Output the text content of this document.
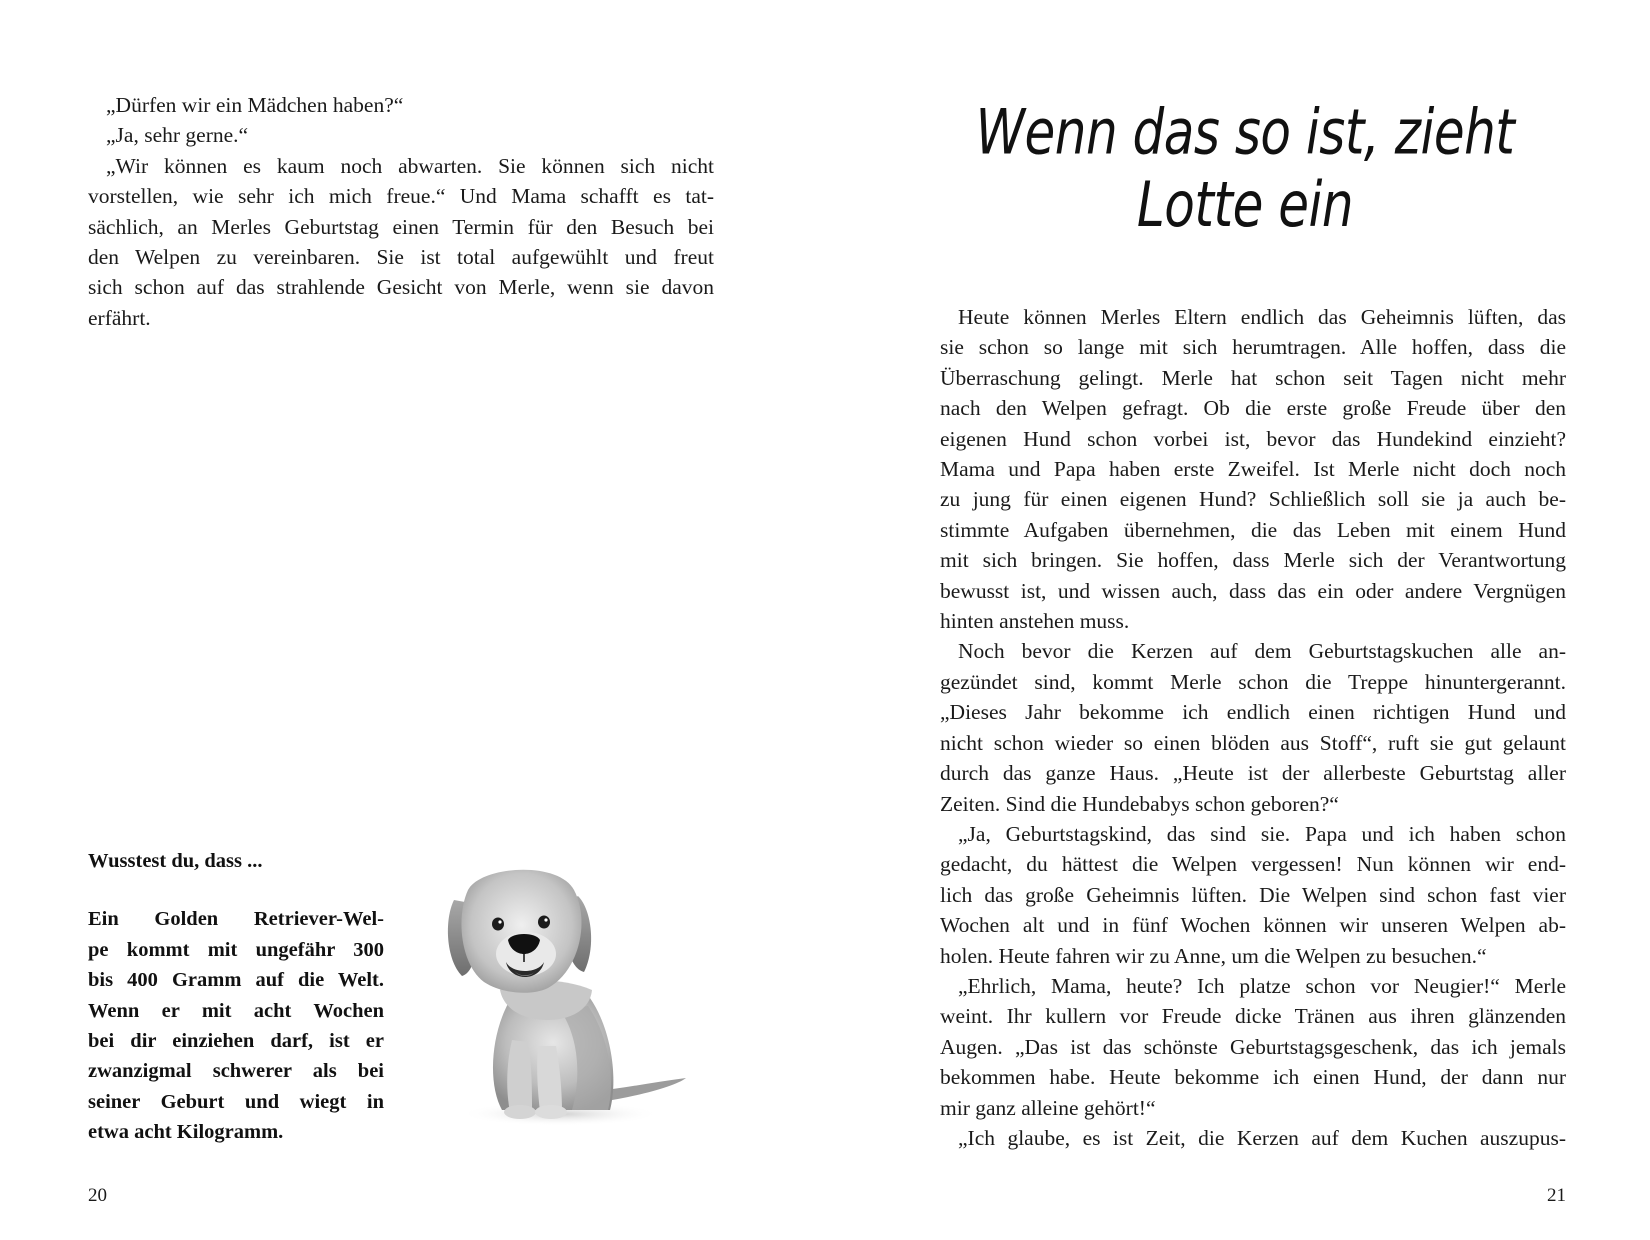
„Dürfen wir ein Mädchen haben?“

„Ja, sehr gerne.“

„Wir können es kaum noch abwarten. Sie können sich nicht
vorstellen, wie sehr ich mich freue.“ Und Mama schafft es tat-
sächlich, an Merles Geburtstag einen Termin für den Besuch bei
den Welpen zu vereinbaren. Sie ist total aufgewühlt und freut
sich schon auf das strahlende Gesicht von Merle, wenn sie davon
erfährt.

Wusstest du, dass ...

Ein Golden Retriever-Wel-
pe kommt mit ungefähr 300
bis 400 Gramm auf die Welt.
Wenn er mit acht Wochen
bei dir einziehen darf, ist er
zwanzigmal schwerer als bei
seiner Geburt und wiegt in
etwa acht Kilogramm.
20
Wenn das so ist, zieht Lotte ein

Heute können Merles Eltern endlich das Geheimnis lüften, das
sie schon so lange mit sich herumtragen. Alle hoffen, dass die
Überraschung gelingt. Merle hat schon seit Tagen nicht mehr
nach den Welpen gefragt. Ob die erste große Freude über den
eigenen Hund schon vorbei ist, bevor das Hundekind einzieht?
Mama und Papa haben erste Zweifel. Ist Merle nicht doch noch
zu jung für einen eigenen Hund? Schließlich soll sie ja auch be-
stimmte Aufgaben übernehmen, die das Leben mit einem Hund
mit sich bringen. Sie hoffen, dass Merle sich der Verantwortung
bewusst ist, und wissen auch, dass das ein oder andere Vergnügen
hinten anstehen muss.

Noch bevor die Kerzen auf dem Geburtstagskuchen alle an-
gezündet sind, kommt Merle schon die Treppe hinuntergerannt.
„Dieses Jahr bekomme ich endlich einen richtigen Hund und
nicht schon wieder so einen blöden aus Stoff“, ruft sie gut gelaunt
durch das ganze Haus. „Heute ist der allerbeste Geburtstag aller
Zeiten. Sind die Hundebabys schon geboren?“

„Ja, Geburtstagskind, das sind sie. Papa und ich haben schon
gedacht, du hättest die Welpen vergessen! Nun können wir end-
lich das große Geheimnis lüften. Die Welpen sind schon fast vier
Wochen alt und in fünf Wochen können wir unseren Welpen ab-
holen. Heute fahren wir zu Anne, um die Welpen zu besuchen.“

„Ehrlich, Mama, heute? Ich platze schon vor Neugier!“ Merle
weint. Ihr kullern vor Freude dicke Tränen aus ihren glänzenden
Augen. „Das ist das schönste Geburtstagsgeschenk, das ich jemals
bekommen habe. Heute bekomme ich einen Hund, der dann nur
mir ganz alleine gehört!“

„Ich glaube, es ist Zeit, die Kerzen auf dem Kuchen auszupus-

21
